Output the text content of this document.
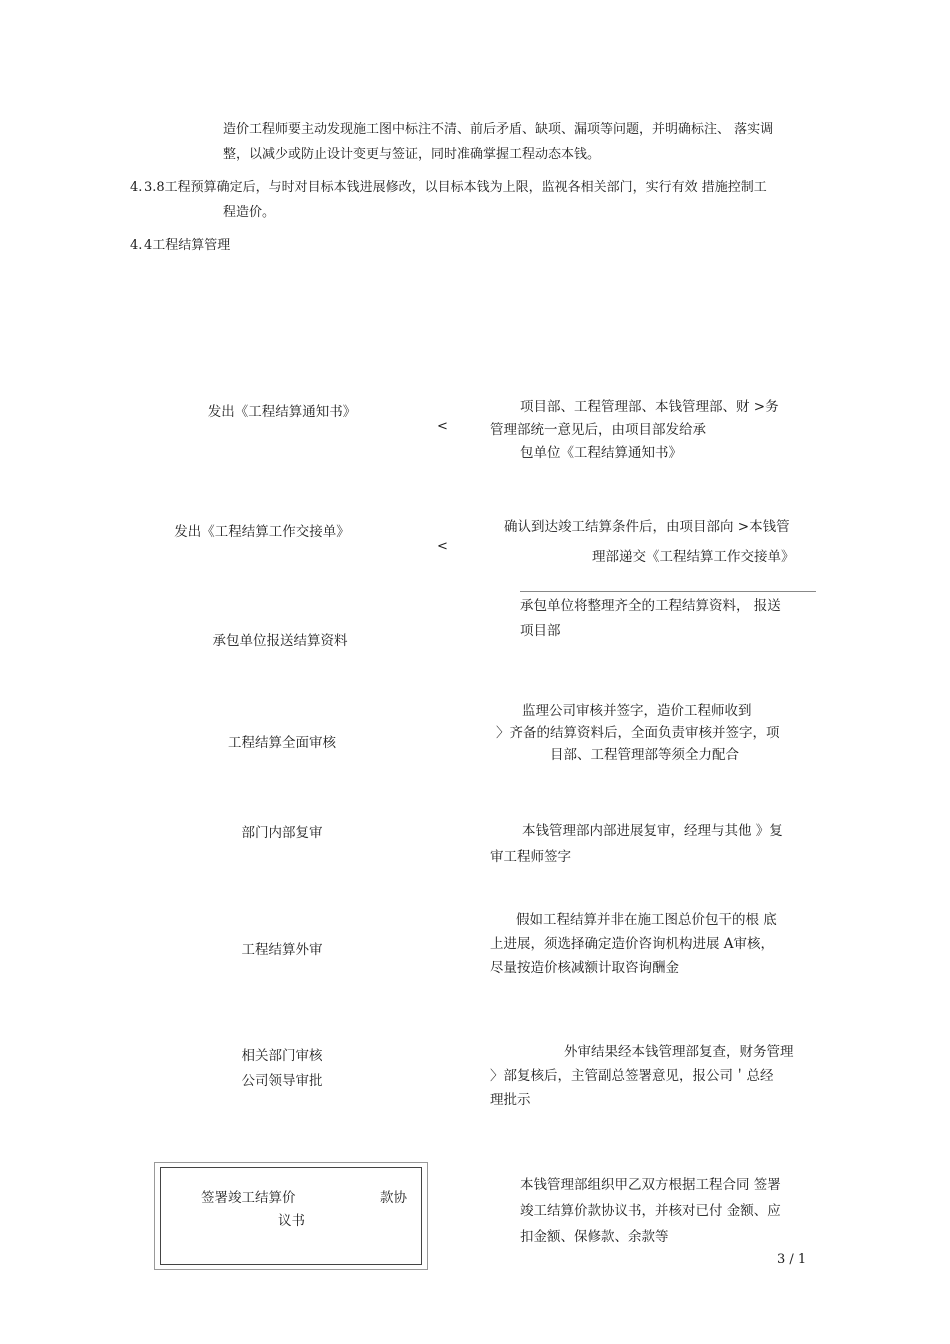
造价工程师要主动发现施工图中标注不清、前后矛盾、缺项、漏项等问题，并明确标注、 落实调
整，以减少或防止设计变更与签证，同时准确掌握工程动态本钱。
4. 3.8工程预算确定后，与时对目标本钱进展修改，以目标本钱为上限，监视各相关部门，实行有效 措施控制工
程造价。
4. 4工程结算管理
发出《工程结算通知书》
<
项目部、工程管理部、本钱管理部、财 >务
管理部统一意见后，由项目部发给承
包单位《工程结算通知书》
发出《工程结算工作交接单》
<
确认到达竣工结算条件后，由项目部向 >本钱管
理部递交《工程结算工作交接单》
承包单位报送结算资料
承包单位将整理齐全的工程结算资料， 报送
项目部
工程结算全面审核
监理公司审核并签字，造价工程师收到
〉齐备的结算资料后，全面负责审核并签字，项
目部、工程管理部等须全力配合
部门内部复审	本钱管理部内部进展复审，经理与其他 》复
审工程师签字
工程结算外审
假如工程结算并非在施工图总价包干的根 底
上进展，须选择确定造价咨询机构进展 A审核，
尽量按造价核减额计取咨询酬金
相关部门审核
公司领导审批
外审结果经本钱管理部复查，财务管理
〉部复核后，主管副总签署意见，报公司＇总经
理批示
签署竣工结算价	款协
议书
本钱管理部组织甲乙双方根据工程合同 签署
竣工结算价款协议书，并核对已付 金额、应
扣金额、保修款、余款等
3 / 1
